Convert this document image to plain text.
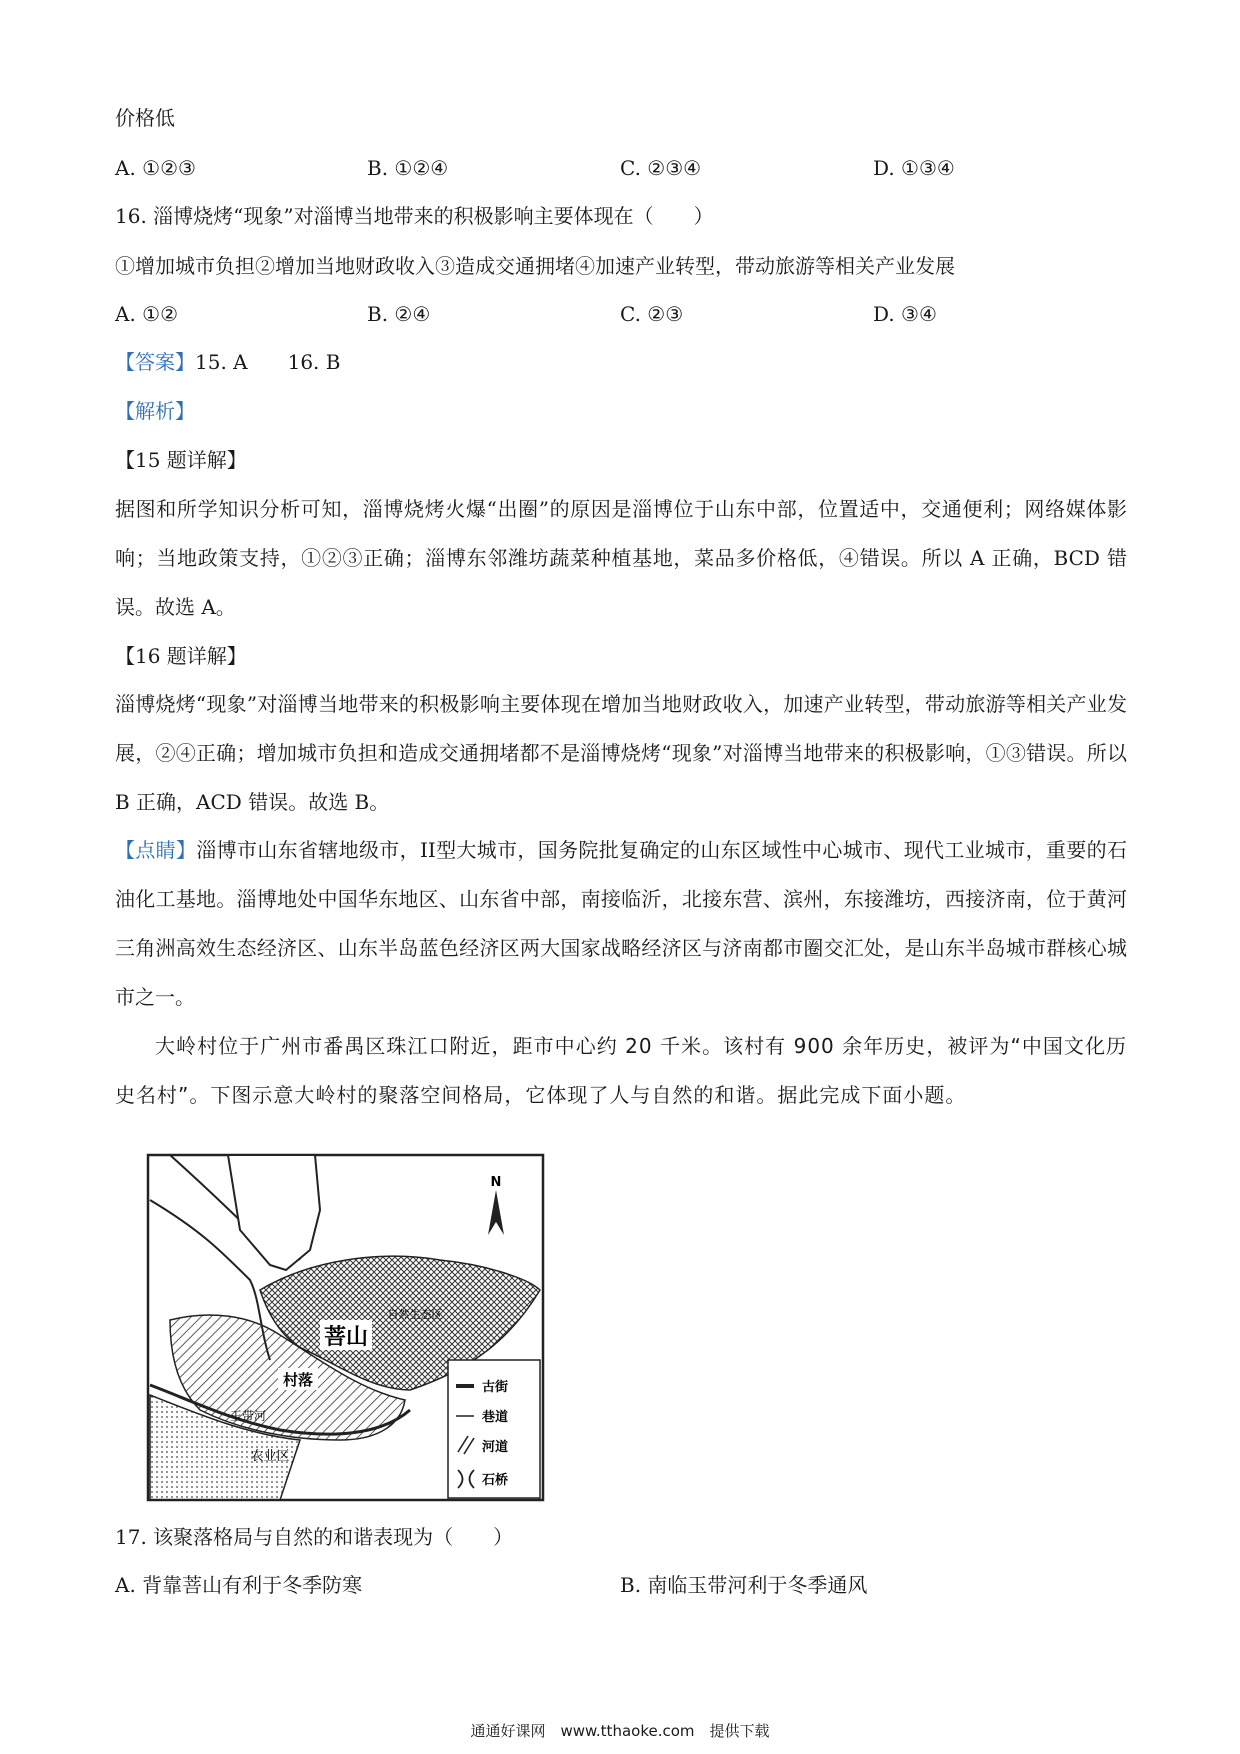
价格低
A. ①②③	B. ①②④	C. ②③④	D. ①③④
16. 淄博烧烤“现象”对淄博当地带来的积极影响主要体现在（　　）
①增加城市负担②增加当地财政收入③造成交通拥堵④加速产业转型，带动旅游等相关产业发展
A. ①②	B. ②④	C. ②③	D. ③④
【答案】15. A　　16. B
【解析】
【15 题详解】
据图和所学知识分析可知，淄博烧烤火爆“出圈”的原因是淄博位于山东中部，位置适中，交通便利；网络媒体影响；当地政策支持，①②③正确；淄博东邻潍坊蔬菜种植基地，菜品多价格低，④错误。所以 A 正确，BCD 错误。故选 A。
【16 题详解】
淄博烧烤“现象”对淄博当地带来的积极影响主要体现在增加当地财政收入，加速产业转型，带动旅游等相关产业发展，②④正确；增加城市负担和造成交通拥堵都不是淄博烧烤“现象”对淄博当地带来的积极影响，①③错误。所以 B 正确，ACD 错误。故选 B。
【点睛】淄博市山东省辖地级市，II型大城市，国务院批复确定的山东区域性中心城市、现代工业城市，重要的石油化工基地。淄博地处中国华东地区、山东省中部，南接临沂，北接东营、滨州，东接潍坊，西接济南，位于黄河三角洲高效生态经济区、山东半岛蓝色经济区两大国家战略经济区与济南都市圈交汇处，是山东半岛城市群核心城市之一。
大岭村位于广州市番禺区珠江口附近，距市中心约 20 千米。该村有 900 余年历史，被评为“中国文化历史名村”。下图示意大岭村的聚落空间格局，它体现了人与自然的和谐。据此完成下面小题。
菩山
自然生态区
村落
玉带河
农业区
N
古街
巷道
河道
石桥
17. 该聚落格局与自然的和谐表现为（　　）
A. 背靠菩山有利于冬季防寒	B. 南临玉带河利于冬季通风
通通好课网　www.tthaoke.com　提供下载
